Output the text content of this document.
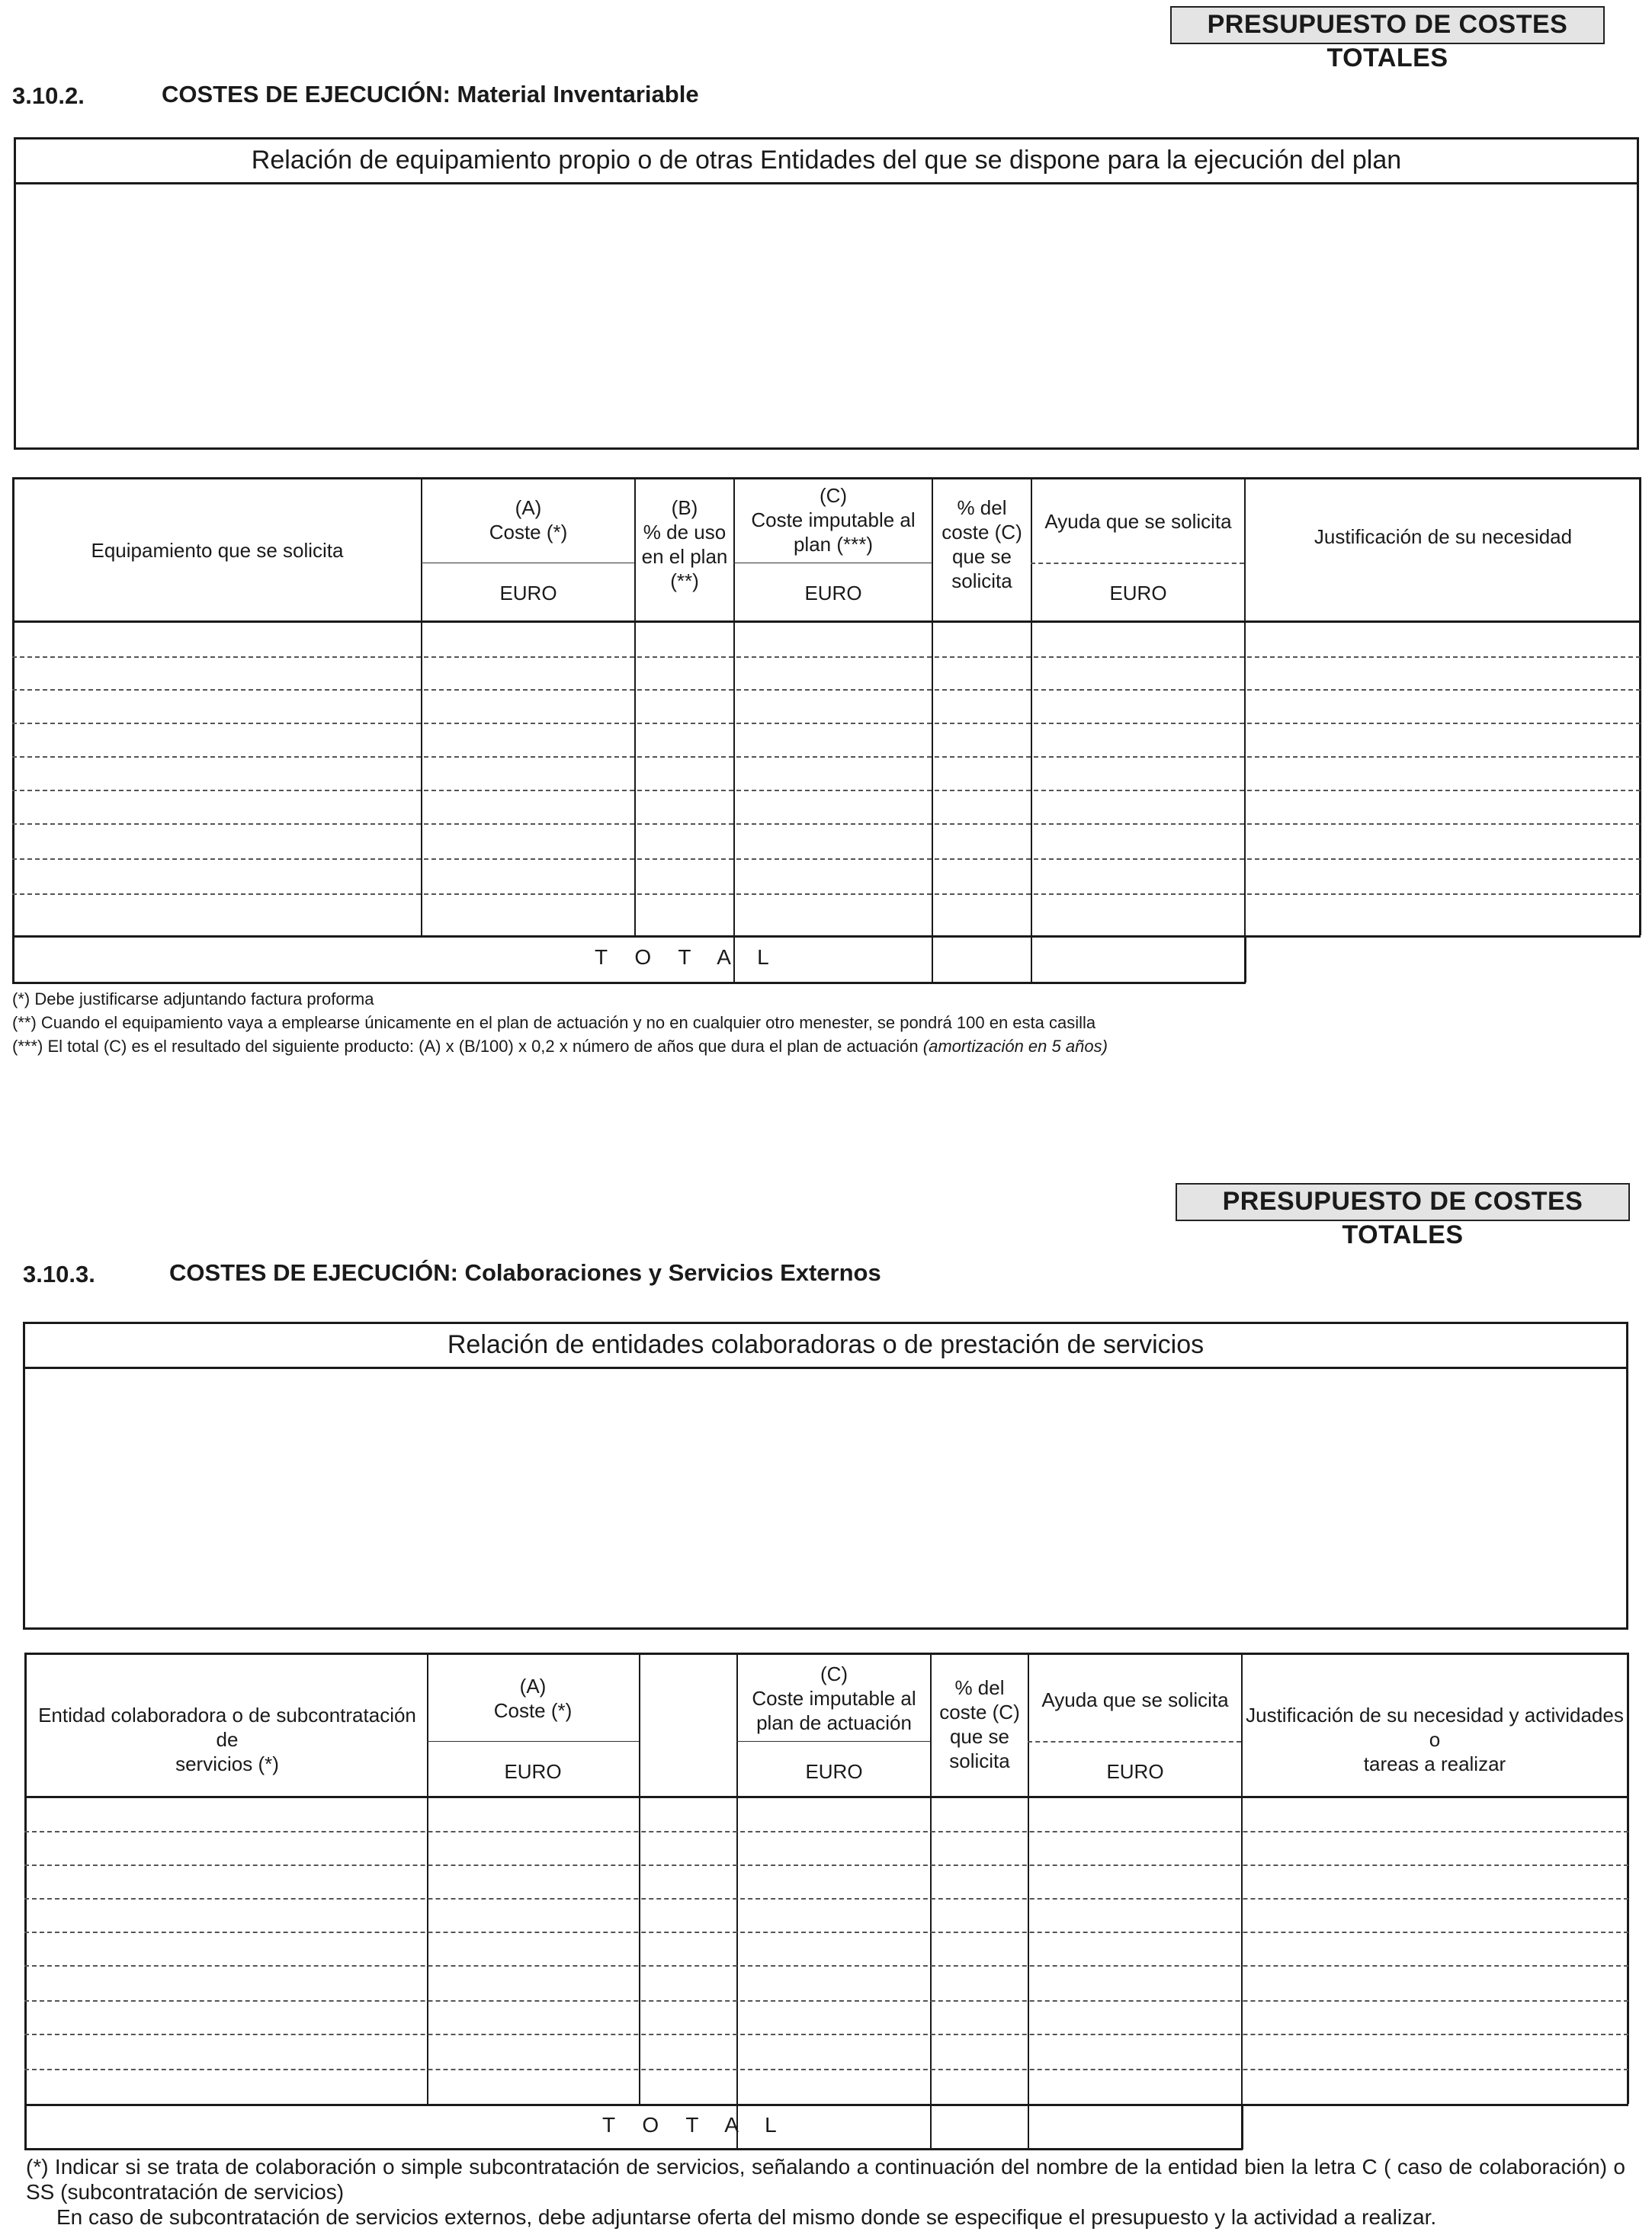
PRESUPUESTO DE COSTES TOTALES
3.10.2.	COSTES DE EJECUCIÓN: Material Inventariable
Relación de equipamiento propio o de otras Entidades del que se dispone para la ejecución del plan
Equipamiento que se solicita
(A)
Coste (*)
EURO
(B)
% de uso
en el plan
(**)
(C)
Coste imputable al
plan (***)
EURO
% del
coste (C)
que se
solicita
Ayuda que se solicita
EURO
Justificación de su necesidad
T O T A L
(*) Debe justificarse adjuntando factura proforma
(**) Cuando el equipamiento vaya a emplearse únicamente en el plan de actuación y no en cualquier otro menester, se pondrá 100 en esta casilla
(***) El total (C) es el resultado del siguiente producto: (A) x (B/100) x 0,2 x número de años que dura el plan de actuación (amortización en 5 años)
PRESUPUESTO DE COSTES TOTALES
3.10.3.	COSTES DE EJECUCIÓN: Colaboraciones y Servicios Externos
Relación de entidades colaboradoras o de prestación de servicios
Entidad colaboradora o de subcontratación de
servicios (*)
(A)
Coste (*)
EURO
(C)
Coste imputable al
plan de actuación
EURO
% del
coste (C)
que se
solicita
Ayuda que se solicita
EURO
Justificación de su necesidad y actividades o
tareas a realizar
T O T A L
(*) Indicar si se trata de colaboración o simple subcontratación de servicios, señalando a continuación del nombre de la entidad bien la letra C ( caso de colaboración) o SS (subcontratación de servicios)
En caso de subcontratación de servicios externos, debe adjuntarse oferta del mismo donde se especifique el presupuesto y la actividad a realizar.
